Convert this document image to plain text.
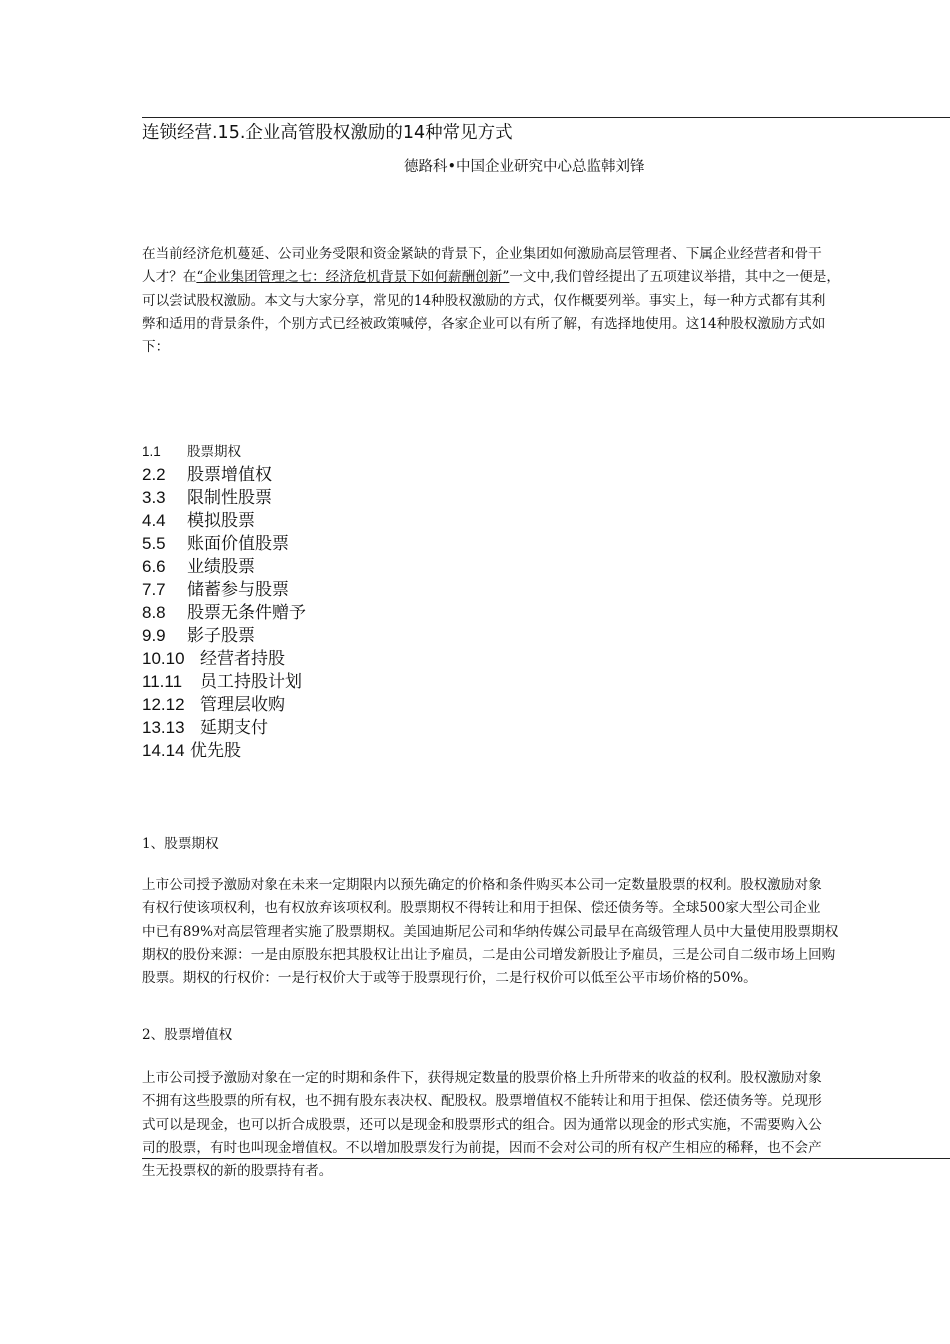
连锁经营.15.企业高管股权激励的14种常见方式
德路科•中国企业研究中心总监韩刘锋
在当前经济危机蔓延、公司业务受限和资金紧缺的背景下，企业集团如何激励高层管理者、下属企业经营者和骨干
人才？在“企业集团管理之七：经济危机背景下如何薪酬创新”一文中,我们曾经提出了五项建议举措，其中之一便是，
可以尝试股权激励。本文与大家分享，常见的14种股权激励的方式，仅作概要列举。事实上，每一种方式都有其利
弊和适用的背景条件，个别方式已经被政策喊停，各家企业可以有所了解，有选择地使用。这14种股权激励方式如
下：
1.1 股票期权
2.2 股票增值权
3.3 限制性股票
4.4 模拟股票
5.5 账面价值股票
6.6 业绩股票
7.7 储蓄参与股票
8.8 股票无条件赠予
9.9 影子股票
10.10 经营者持股
11.11 员工持股计划
12.12 管理层收购
13.13 延期支付
14.14 优先股
1、股票期权
上市公司授予激励对象在未来一定期限内以预先确定的价格和条件购买本公司一定数量股票的权利。股权激励对象
有权行使该项权利，也有权放弃该项权利。股票期权不得转让和用于担保、偿还债务等。全球500家大型公司企业
中已有89%对高层管理者实施了股票期权。美国迪斯尼公司和华纳传媒公司最早在高级管理人员中大量使用股票期权
期权的股份来源：一是由原股东把其股权让出让予雇员，二是由公司增发新股让予雇员，三是公司自二级市场上回购
股票。期权的行权价：一是行权价大于或等于股票现行价，二是行权价可以低至公平市场价格的50%。
2、股票增值权
上市公司授予激励对象在一定的时期和条件下，获得规定数量的股票价格上升所带来的收益的权利。股权激励对象
不拥有这些股票的所有权，也不拥有股东表决权、配股权。股票增值权不能转让和用于担保、偿还债务等。兑现形
式可以是现金，也可以折合成股票，还可以是现金和股票形式的组合。因为通常以现金的形式实施，不需要购入公
司的股票，有时也叫现金增值权。不以增加股票发行为前提，因而不会对公司的所有权产生相应的稀释，也不会产
生无投票权的新的股票持有者。
